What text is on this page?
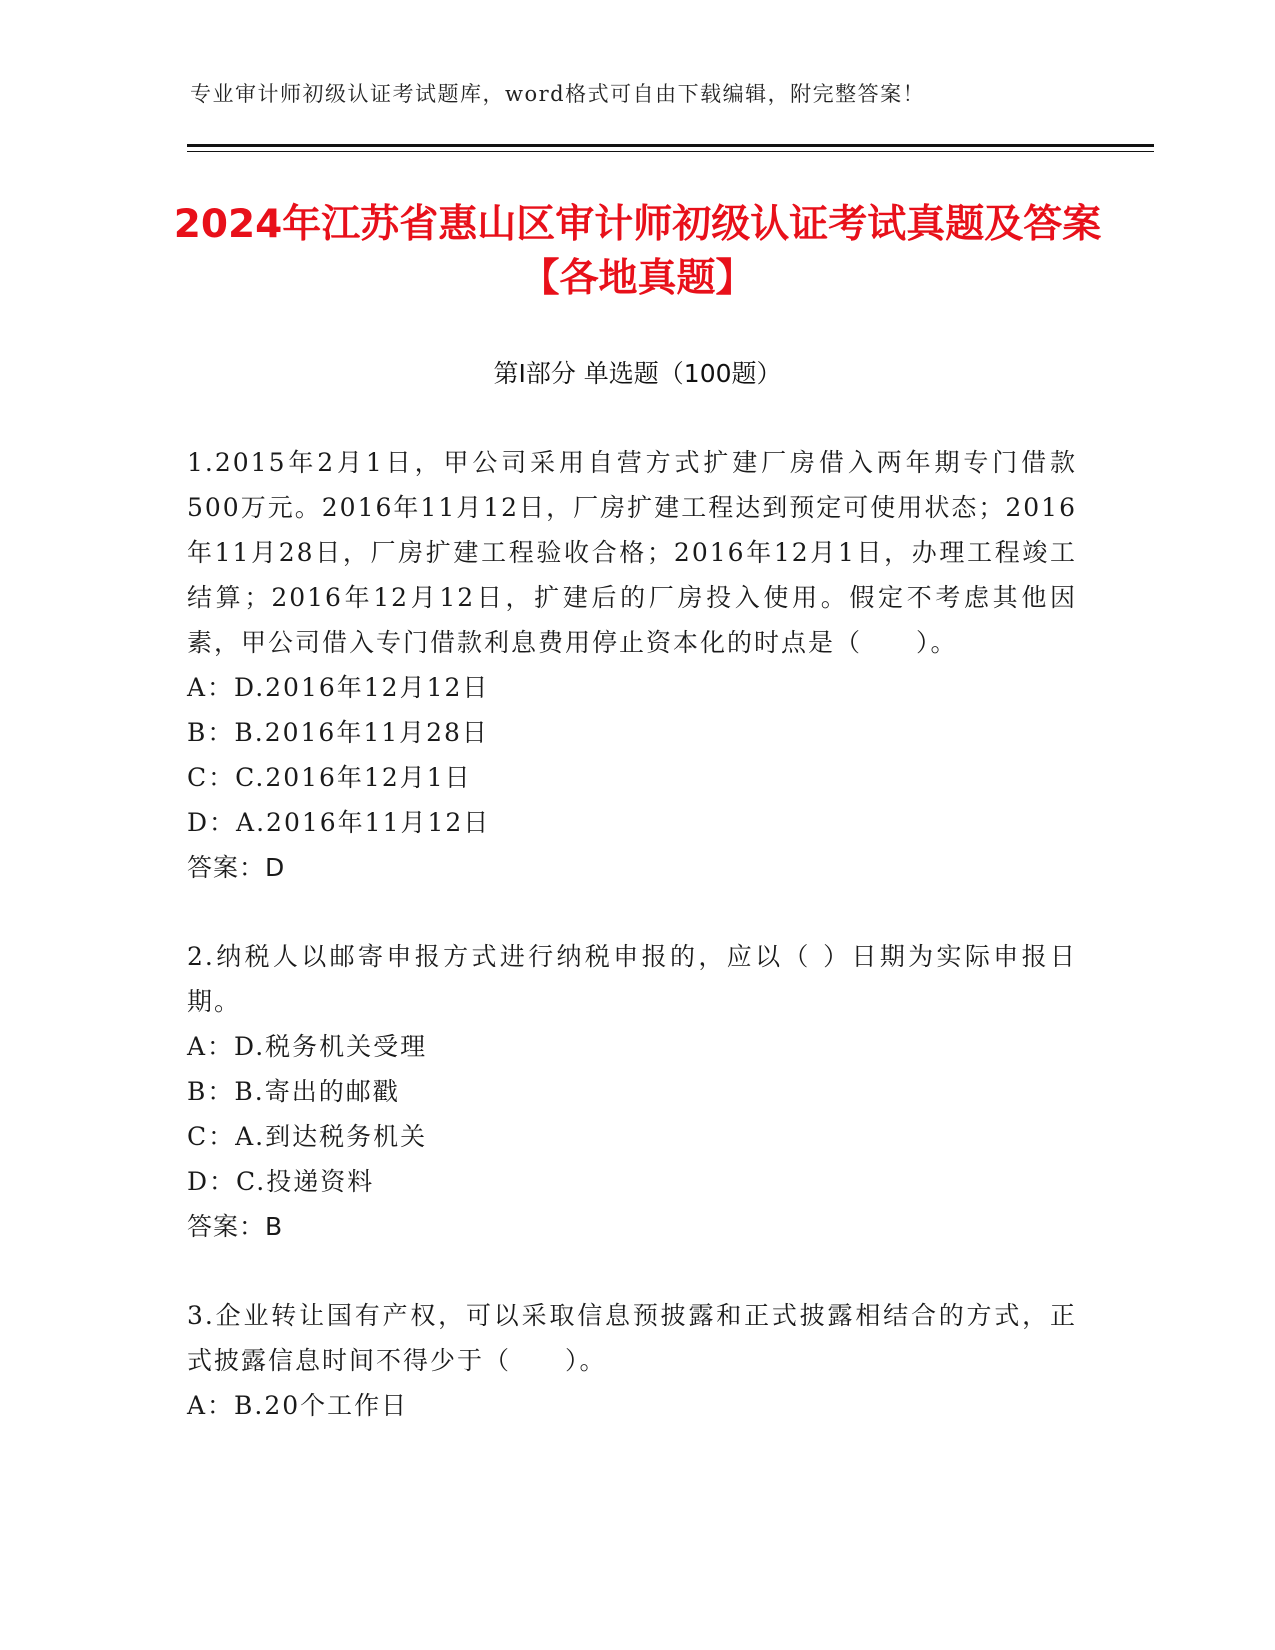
专业审计师初级认证考试题库，word格式可自由下载编辑，附完整答案！
2024年江苏省惠山区审计师初级认证考试真题及答案【各地真题】
第Ⅰ部分 单选题（100题）

1.2015年2月1日，甲公司采用自营方式扩建厂房借入两年期专门借款500万元。2016年11月12日，厂房扩建工程达到预定可使用状态；2016年11月28日，厂房扩建工程验收合格；2016年12月1日，办理工程竣工结算；2016年12月12日，扩建后的厂房投入使用。假定不考虑其他因素，甲公司借入专门借款利息费用停止资本化的时点是（　　）。

A：D.2016年12月12日

B：B.2016年11月28日

C：C.2016年12月1日

D：A.2016年11月12日

答案：D

2.纳税人以邮寄申报方式进行纳税申报的，应以（ ）日期为实际申报日期。

A：D.税务机关受理

B：B.寄出的邮戳

C：A.到达税务机关

D：C.投递资料

答案：B

3.企业转让国有产权，可以采取信息预披露和正式披露相结合的方式，正式披露信息时间不得少于（　　）。

A：B.20个工作日
